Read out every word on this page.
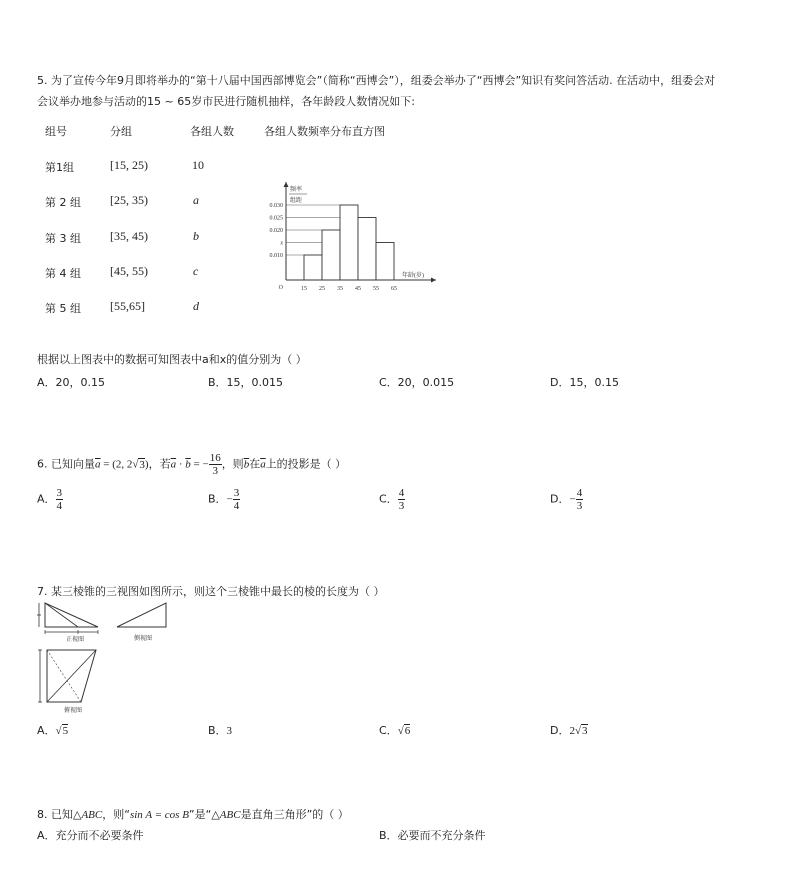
5. 为了宣传今年9月即将举办的“第十八届中国西部博览会”（简称“西博会”），组委会举办了“西博会”知识有奖问答活动. 在活动中，组委会对
会议举办地参与活动的15 ~ 65岁市民进行随机抽样，各年龄段人数情况如下:
组号	分组	各组人数	各组人数频率分布直方图
第1组	[15, 25)	10
第 2 组 [25, 35)	a
第 3 组 [35, 45)	b
第 4 组 [45, 55)	c
第 5 组 [55,65]	d
0.030
0.025
0.020
x
0.010
15 25 35 45 55 65
O
频率
组距
年龄(岁)
根据以上图表中的数据可知图表中a和x的值分别为（ ）
A．20，0.15	B．15，0.015	C．20，0.015	D．15，0.15
6. 已知向量$\overline{a} = (2$, 2√3)，若$\overline{a} \cdot \overline{b}$ = − $\frac{16}{3}$ ，则$\overline{b}$在$\overline{a}$上的投影是（ ）
A． $\frac{3}{4}$	B．− $\frac{3}{4}$	C． $\frac{4}{3}$	D．− $\frac{4}{3}$
7. 某三棱锥的三视图如图所示，则这个三棱锥中最长的棱的长度为（ ）
正视图	侧视图
俯视图
A．√5	B．3	C．√6	D．2√3
8. 已知△ABC，则“sin A = cos B”是“△ABC是直角三角形”的（ ）
A．充分而不必要条件	B．必要而不充分条件
